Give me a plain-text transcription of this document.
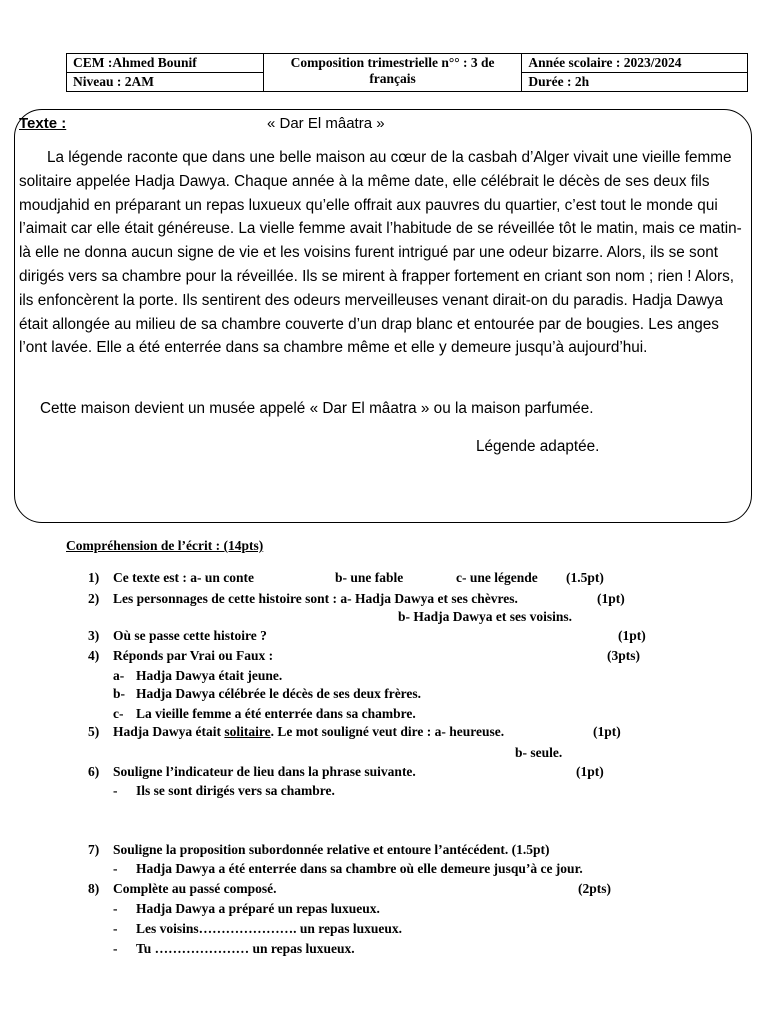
CEM :Ahmed Bounif	Composition trimestrielle n°° : 3 de français	Année scolaire : 2023/2024
Niveau : 2AM		Durée : 2h
Texte :	« Dar El mâatra »

La légende raconte que dans une belle maison au cœur de la casbah d’Alger vivait une vieille femme solitaire appelée Hadja Dawya. Chaque année à la même date, elle célébrait le décès de ses deux fils moudjahid en préparant un repas luxueux qu’elle offrait aux pauvres du quartier, c’est tout le monde qui l’aimait car elle était généreuse. La vielle femme avait l’habitude de se réveillée tôt le matin, mais ce matin-là elle ne donna aucun signe de vie et les voisins furent intrigué par une odeur bizarre. Alors, ils se sont dirigés vers sa chambre pour la réveillée. Ils se mirent à frapper fortement en criant son nom ; rien ! Alors, ils enfoncèrent la porte. Ils sentirent des odeurs merveilleuses venant dirait-on du paradis. Hadja Dawya était allongée au milieu de sa chambre couverte d’un drap blanc et entourée par de bougies. Les anges l’ont lavée. Elle a été enterrée dans sa chambre même et elle y demeure jusqu’à aujourd’hui.

Cette maison devient un musée appelé « Dar El mâatra » ou la maison parfumée.

Légende adaptée.

Compréhension de l’écrit : (14pts)
1) Ce texte est : a- un conte	b- une fable	c- une légende (1.5pt)
2) Les personnages de cette histoire sont : a- Hadja Dawya et ses chèvres.	(1pt)
b- Hadja Dawya et ses voisins.
3) Où se passe cette histoire ?	(1pt)
4) Réponds par Vrai ou Faux :	(3pts)
a- Hadja Dawya était jeune.
b- Hadja Dawya célébrée le décès de ses deux frères.
c- La vieille femme a été enterrée dans sa chambre.
5) Hadja Dawya était solitaire. Le mot souligné veut dire : a- heureuse.	(1pt)
b- seule.
6) Souligne l’indicateur de lieu dans la phrase suivante.	(1pt)
- Ils se sont dirigés vers sa chambre.
7) Souligne la proposition subordonnée relative et entoure l’antécédent. (1.5pt)
- Hadja Dawya a été enterrée dans sa chambre où elle demeure jusqu’à ce jour.
8) Complète au passé composé.	(2pts)
- Hadja Dawya a préparé un repas luxueux.
- Les voisins…………………. un repas luxueux.
- Tu ………………… un repas luxueux.
